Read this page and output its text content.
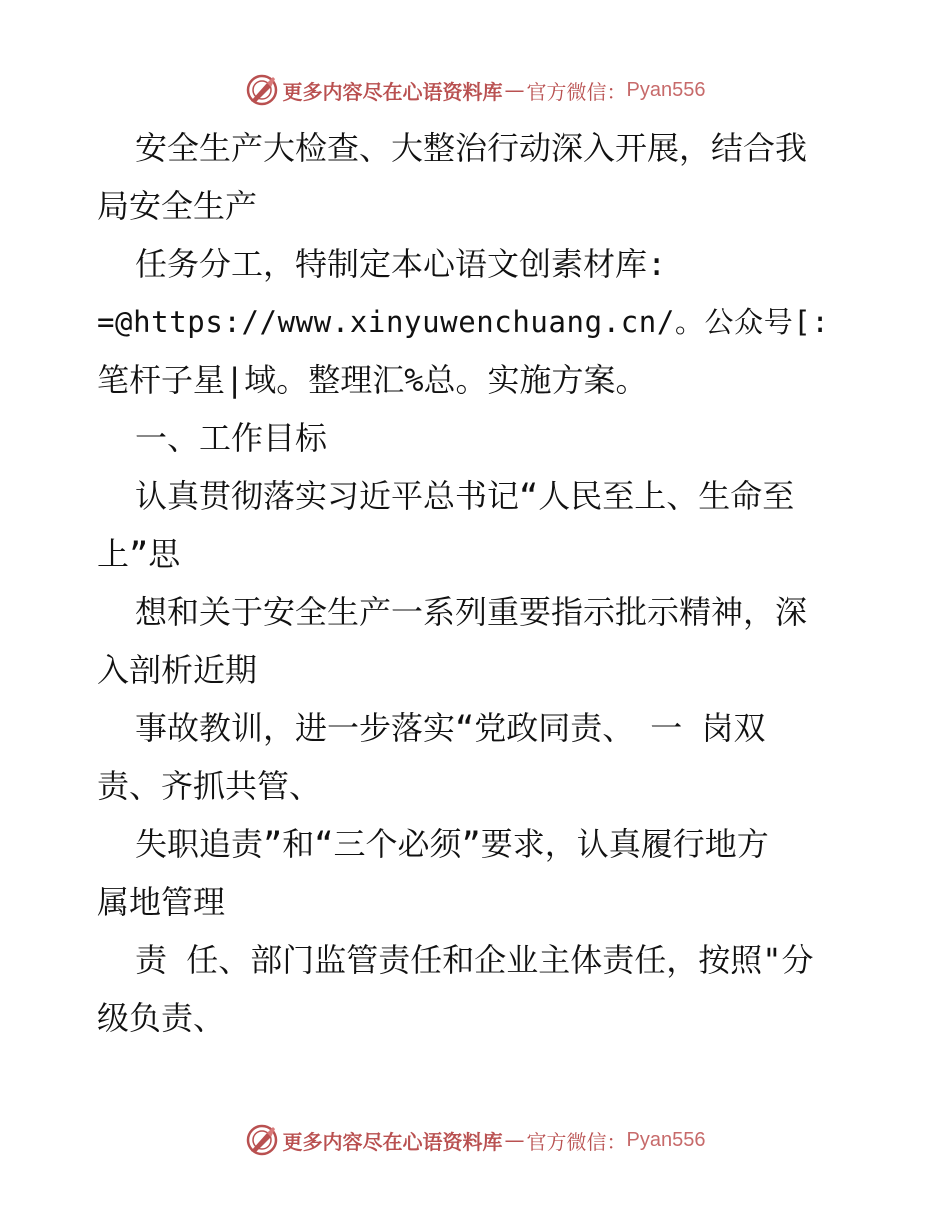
更多内容尽在心语资料库 — 官方微信： Pyan556
安全生产大检查、大整治行动深入开展，结合我
局安全生产
任务分工，特制定本心语文创素材库:
=@https://www.xinyuwenchuang.cn/。公众号[:
笔杆子星|域。整理汇%总。实施方案。
一、工作目标
认真贯彻落实习近平总书记“人民至上、生命至
上”思
想和关于安全生产一系列重要指示批示精神，深
入剖析近期
事故教训，进一步落实“党政同责、　一 岗双
责、齐抓共管、
失职追责”和“三个必须”要求，认真履行地方
属地管理
责 任、部门监管责任和企业主体责任，按照"分
级负责、
更多内容尽在心语资料库 — 官方微信： Pyan556
